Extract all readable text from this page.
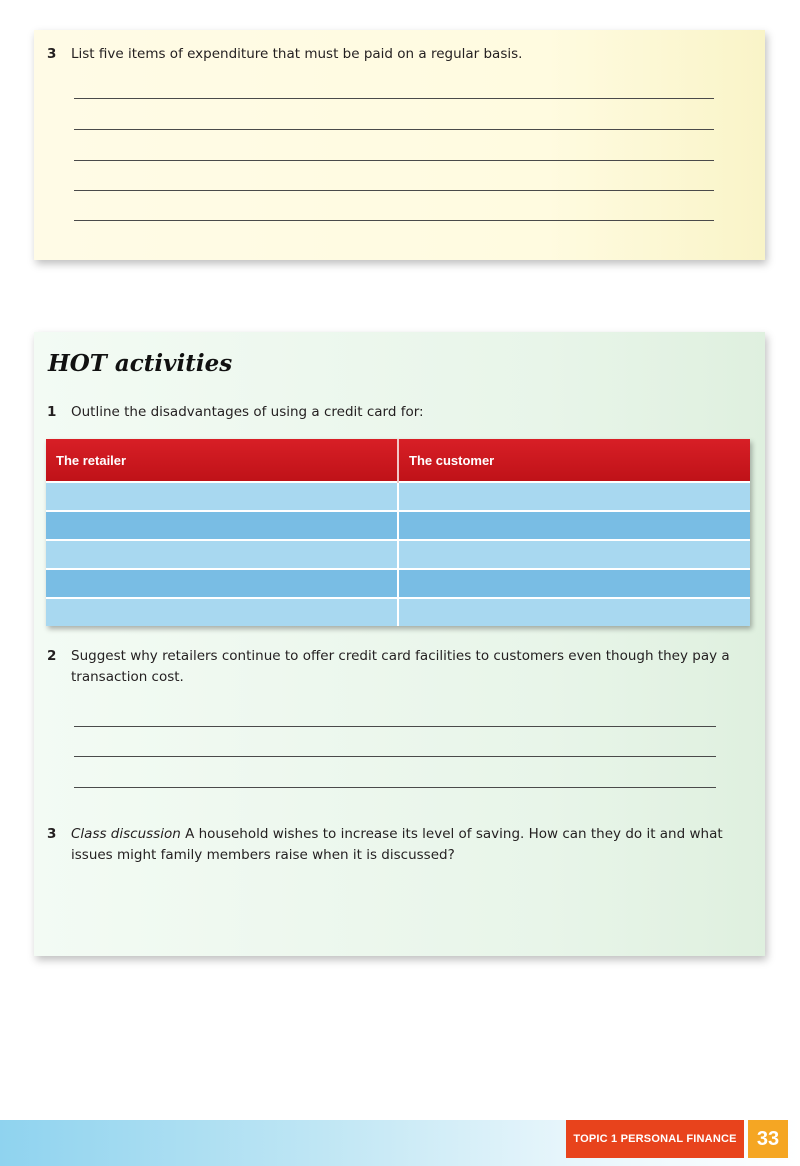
3	List five items of expenditure that must be paid on a regular basis.
HOT activities
1	Outline the disadvantages of using a credit card for:
The retailer	The customer

2	Suggest why retailers continue to offer credit card facilities to customers even though they pay a transaction cost.
3	Class discussion A household wishes to increase its level of saving. How can they do it and what issues might family members raise when it is discussed?
TOPIC 1 PERSONAL FINANCE	33
